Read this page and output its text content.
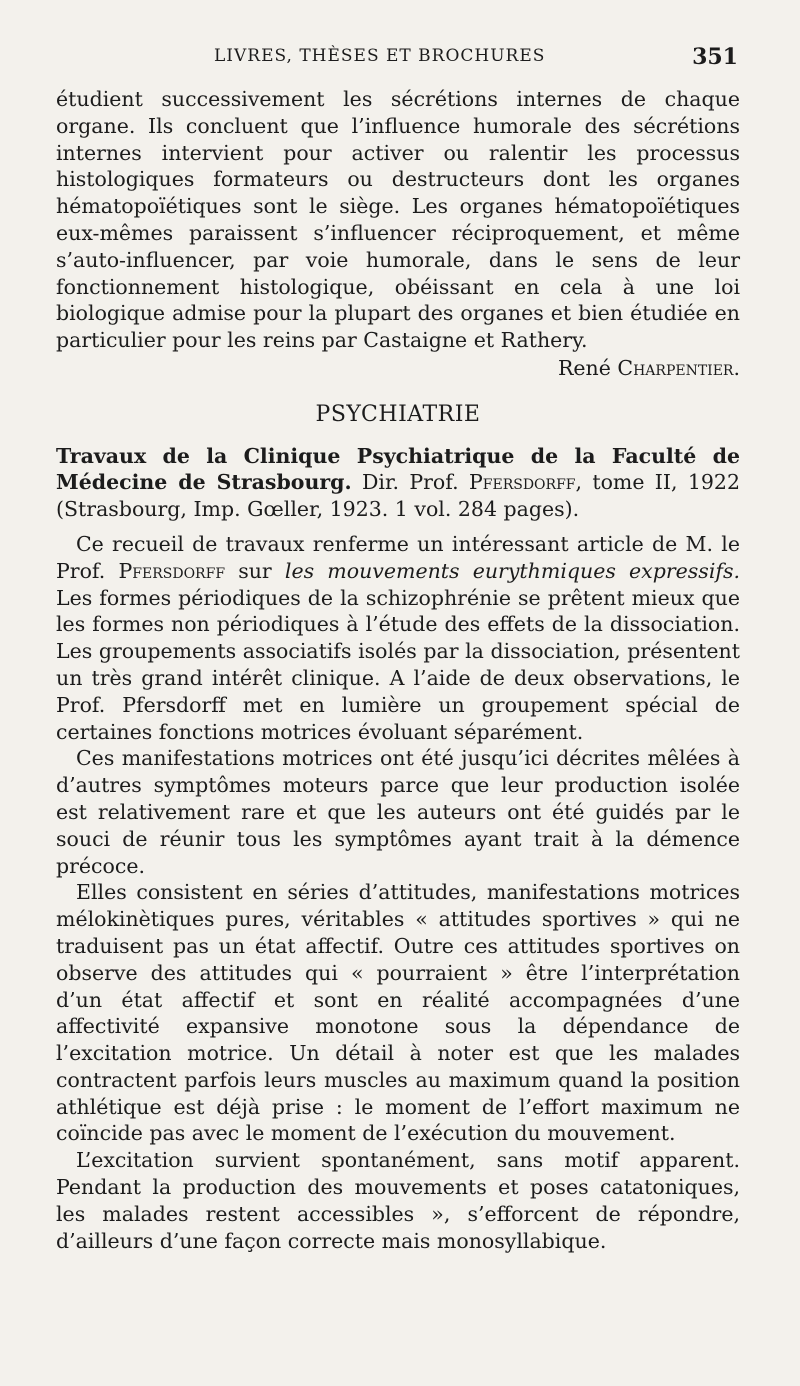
LIVRES, THÈSES ET BROCHURES	351

étudient successivement les sécrétions internes de chaque organe. Ils concluent que l’influence humorale des sécrétions internes intervient pour activer ou ralentir les processus histologiques formateurs ou destructeurs dont les organes hématopoïétiques sont le siège. Les organes hématopoïétiques eux-mêmes paraissent s’influencer réciproquement, et même s’auto-influencer, par voie humorale, dans le sens de leur fonctionnement histologique, obéissant en cela à une loi biologique admise pour la plupart des organes et bien étudiée en particulier pour les reins par Castaigne et Rathery.

René Charpentier.

PSYCHIATRIE

Travaux de la Clinique Psychiatrique de la Faculté de Médecine de Strasbourg. Dir. Prof. Pfersdorff, tome II, 1922 (Strasbourg, Imp. Gœller, 1923. 1 vol. 284 pages).

Ce recueil de travaux renferme un intéressant article de M. le Prof. Pfersdorff sur les mouvements eurythmiques expressifs. Les formes périodiques de la schizophrénie se prêtent mieux que les formes non périodiques à l’étude des effets de la dissociation. Les groupements associatifs isolés par la dissociation, présentent un très grand intérêt clinique. A l’aide de deux observations, le Prof. Pfersdorff met en lumière un groupement spécial de certaines fonctions motrices évoluant séparément.

Ces manifestations motrices ont été jusqu’ici décrites mêlées à d’autres symptômes moteurs parce que leur production isolée est relativement rare et que les auteurs ont été guidés par le souci de réunir tous les symptômes ayant trait à la démence précoce.

Elles consistent en séries d’attitudes, manifestations motrices mélokinètiques pures, véritables « attitudes sportives » qui ne traduisent pas un état affectif. Outre ces attitudes sportives on observe des attitudes qui « pourraient » être l’interprétation d’un état affectif et sont en réalité accompagnées d’une affectivité expansive monotone sous la dépendance de l’excitation motrice. Un détail à noter est que les malades contractent parfois leurs muscles au maximum quand la position athlétique est déjà prise : le moment de l’effort maximum ne coïncide pas avec le moment de l’exécution du mouvement.

L’excitation survient spontanément, sans motif apparent. Pendant la production des mouvements et poses catatoniques, les malades restent accessibles », s’efforcent de répondre, d’ailleurs d’une façon correcte mais monosyllabique.
